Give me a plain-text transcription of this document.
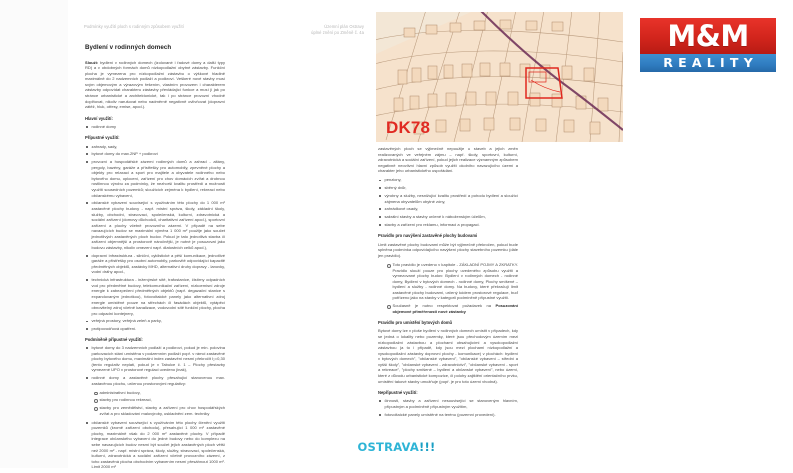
Podmínky využití ploch s rodinným způsobem využití	Územní plán Ostravy
úplné znění po Změně č. 4a
Bydlení v rodinných domech

Slouží: bydlení v rodinných domech (izolované i řadové domy a další typy RD) a v obdobných formách domů nízkopodlažní obytné zástavby. Funkční plocha je vymezena pro nízkopodlažní zástavbu o výškové hladině maximálně do 2 nadzemních podlaží a podkroví. Veškeré nové stavby musí svým objemovým a výrazovým řešením, vlastním provozem i charakterem zástavby odpovídat charakteru zástavby převládající funkce a musí ji jak po stránce urbanistické a architektonické, tak i po stránce provozní vhodně doplňovat, nikoliv narušovat nebo nadměrně negativně ovlivňovat (dopravní zátěž, hluk, otřesy, emise, apod.).

Hlavní využití:
rodinné domy
Přípustné využití:
zahrady, sady,
bytové domy do max.2NP + podkroví
provozní a hospodářské zázemí rodinných domů a zahrad - altány, pergoly, bazény, garáže a přístřešky pro automobily, zpevněné plochy a objekty pro relaxaci a sport pro majitele a obyvatele rodinného nebo bytového domu, oplocení, zařízení pro chov domácích zvířat a drobnou rostlinnou výrobu za podmínky, že nezhorší kvalitu prostředí a možnosti využití sousedních pozemků; sloužících zejména k bydlení, rekreaci nebo občanskému vybavení,
občanské vybavení související s využíváním této plochy do 1 000 m² zastavěné plochy budovy - např. místní správa, školy, základní školy, služby, obchodní, stravovací, společenská, kulturní, zdravotnická a sociální zařízení (domovy důchodců, charitativní zařízení apod.), sportovní zařízení a plochy včetně provozního zázemí. V případě na sebe navazujících budov se maximální výměra 1 000 m² použije jako součet jednotlivých zastavěných ploch budov. Pokud je tato jednotlivá stavba či zařízení objemnější a prostorově náročnější, je nutné je posuzovat jako budovu zástavby, nikoliv omezení např. dlatostních celků apod.),
dopravní infrastruktura - silniční, cyklistické a pěší komunikace, jednotlivé garáže a přístřešky pro osobní automobily, parkovitě odpovídající kapacitě předmětných objektů, zastávky MHD, alternativní druhy dopravy - lanovky, vodní dráhy apod.,
technická infrastruktura - inženýrské sítě, trafostanice, čistírny odpadních vod pro předmětné budovy, telekomunikační zařízení, nízkoemisní zdroje energie k zabezpečení předmětných objektů (např. degazační stanice s expandovaným jednotkou), fotovoltaické panely jako alternativní zdroj energie umístěné pouze na střechách či fasádách objektů, vytápěcí obnovitelný zdroj včetně kanalizace, vodovodní sítě funkční plochy, plocha pro odpadní kontejnery,
veřejná prostory, veřejná zeleň a parky,
protipovodňová opatření.
Podmíněně přípustné využití:
bytové domy do 3 nadzemních podlaží a podkroví, pokud je min. polovina parkovacích stání umístěna v podzemním podlaží popř. v rámci zastavěné plochy bytového domu, maximální index zastavění nesmí překročit I₂=0,30 (tento regulativ neplatí, pokud je v Tabulce č. 1 – Plochy přestavby vymezené UPO v prostorové regulaci uvedeno jinak),
rodinné domy a zastavěné plochy přesahující stanovenou max. zastavěnou plochu, určenou prostorovými regulativy:
administrativní budovy,
stavby pro rodinnou rekreaci,
stavby pro zemědělství, stavby a zařízení pro chov hospodářských zvířat a pro skladování malovýroby, uskladnění zem. techniky
občanské vybavení související s využíváním této plochy členění využití pozemků (kromě zařízení obchodu), přesahující 1 000 m² zastavěné plochy, maximálně však do 2 000 m² zastavěné plochy. V případě integrace občanského vybavení do jedné budovy nebo do komplexu na sebe navazujících budov nesmí být součet jejich zastavěných ploch větší než 2000 m² - např. místní správa, školy, služby, stravovací, společenská, kulturní, zdravotnická a sociální zařízení včetně provozního zázemí, z toho zastavěná plocha obchodním vybavením nesmí přesáhnout 1000 m². Limit 2000 m²

zastavěných ploch se výjimečně nepoužije u staveb a jejich změn realizovaných ve veřejném zájmu – např. školy, sportovní, kulturní, zdravotnická a sociální zařízení, pokud jejich realizace významným způsobem negativně neovlivní hlavní způsob využití okolního navazujícího území a charakter jeho urbanistického uspořádání.

penziony,
sběrný dvůr,
výrobny a služby, nesnižující kvalitu prostředí a pohodu bydlení a sloužící zájmena obyvatelům obytné zóny,
zahrádkové osady,
sakrální stavby a stavby určené k náboženským účelům,
stavby a zařízení pro reklamu, informaci a propagaci.
Pravidlo pro navýšení zastavěné plochy budovami

Limit zastavěné plochy budovami může být výjimečně překročen, pokud bude splněna podmínka odpovídajícího navýšení plochy stavebního pozemku (dále jen pravidlo).

Toto pravidlo je uvedeno v kapitole - ZÁKLADNÍ POJMY A ZKRATKY. Pravidlo slouží pouze pro plochy uvedeného způsobu využití a vymezované plochy budov: Bydlení v rodinných domech - rodinné domy, Bydlení v bytových domech - rodinné domy, Plochy smíšené – bydlení a služby - rodinné domy. Na budovy, které překračují limit zastavěné plochy budovami, určený kódem prostorové regulace, buď potřízeno jako na stavby v kategorii podmíněně přípustné využití.
Současně je nutno respektovat požadavek na Posuzování objemové přiměřenosti nové zástavby
Pravidlo pro umístění bytových domů

Bytové domy lze v ploše bydlení v rodinných domech umístit v případech, kdy se jedná o lokality nebo pozemky, které jsou přechodovým územím mezi nízkopodlažní zástavbou a plochami obsahujícími a vysokopodlažní zástavbou (a to i případě, kdy jsou mezi plochami nízkopodlažní a vysokopodlažní zástavby doprovní plochy - komunikace) v plochách: bydlení v bytových domech", "občanské vybavení", "občanské vybavení – střední a vyšší školy", "občanské vybavení - zdravotnictví", "občanské vybavení - sport a rekreace", "plochy smíšené – bydlení a občanské vybavení", nebo území, které z důvodu urbanistické kompozice, či polohy zajištění orientačního prvku, umístění takové stavby umožňuje (popř. je pro toto území vhodná).

Nepřípustné využití:
činnosti, stavby a zařízení nesouvisející se stanoveným hlavním, přípustným a podmíněně přípustným využitím,
fotovoltaické panely umístěné na terénu (pozemní provedení).
DK78
M&M
REALITY
OSTRAVA!!!
